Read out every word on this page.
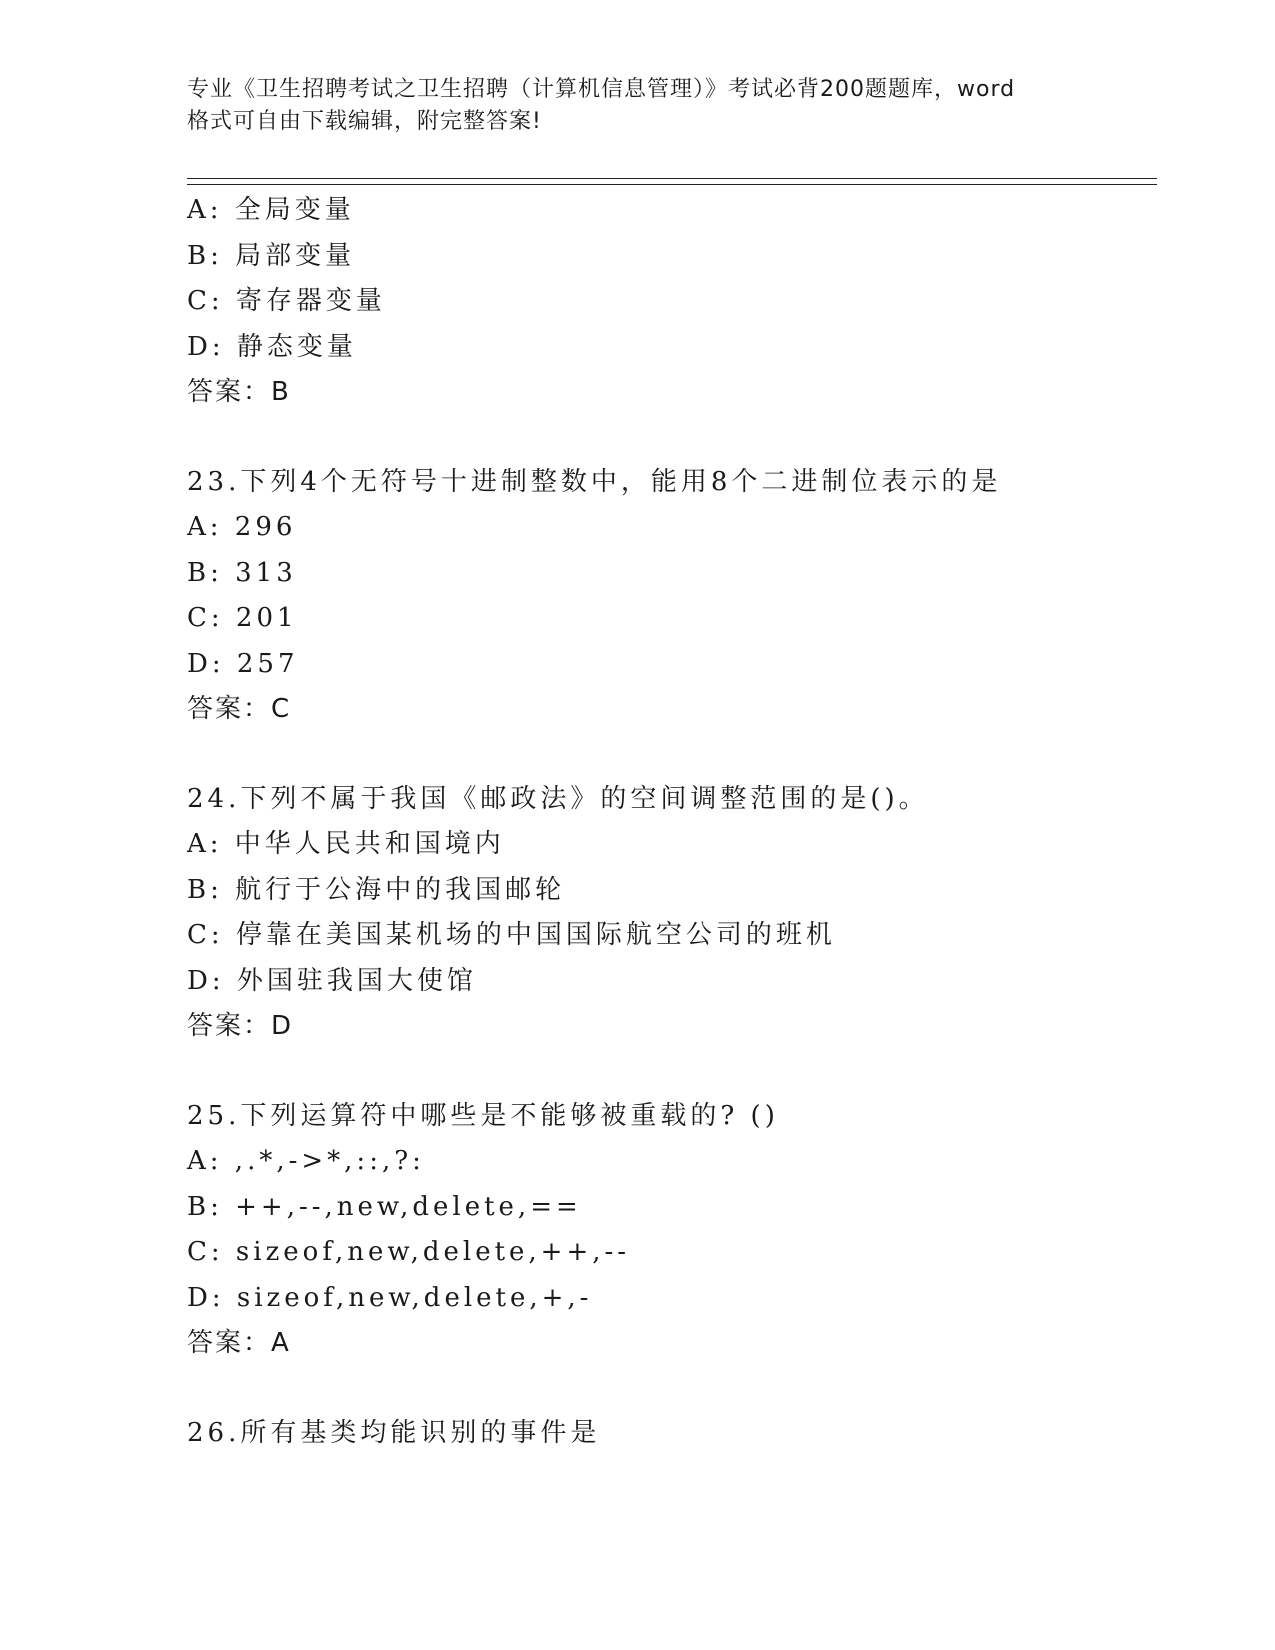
专业《卫生招聘考试之卫生招聘（计算机信息管理）》考试必背200题题库，word
格式可自由下载编辑，附完整答案!
A: 全局变量
B: 局部变量
C: 寄存器变量
D: 静态变量
答案：B
23.下列4个无符号十进制整数中，能用8个二进制位表示的是
A: 296
B: 313
C: 201
D: 257
答案：C
24.下列不属于我国《邮政法》的空间调整范围的是()。
A: 中华人民共和国境内
B: 航行于公海中的我国邮轮
C: 停靠在美国某机场的中国国际航空公司的班机
D: 外国驻我国大使馆
答案：D
25.下列运算符中哪些是不能够被重载的? ()
A: ,.*,->*,::,?:
B: ++,--,new,delete,==
C: sizeof,new,delete,++,--
D: sizeof,new,delete,+,-
答案：A
26.所有基类均能识别的事件是
